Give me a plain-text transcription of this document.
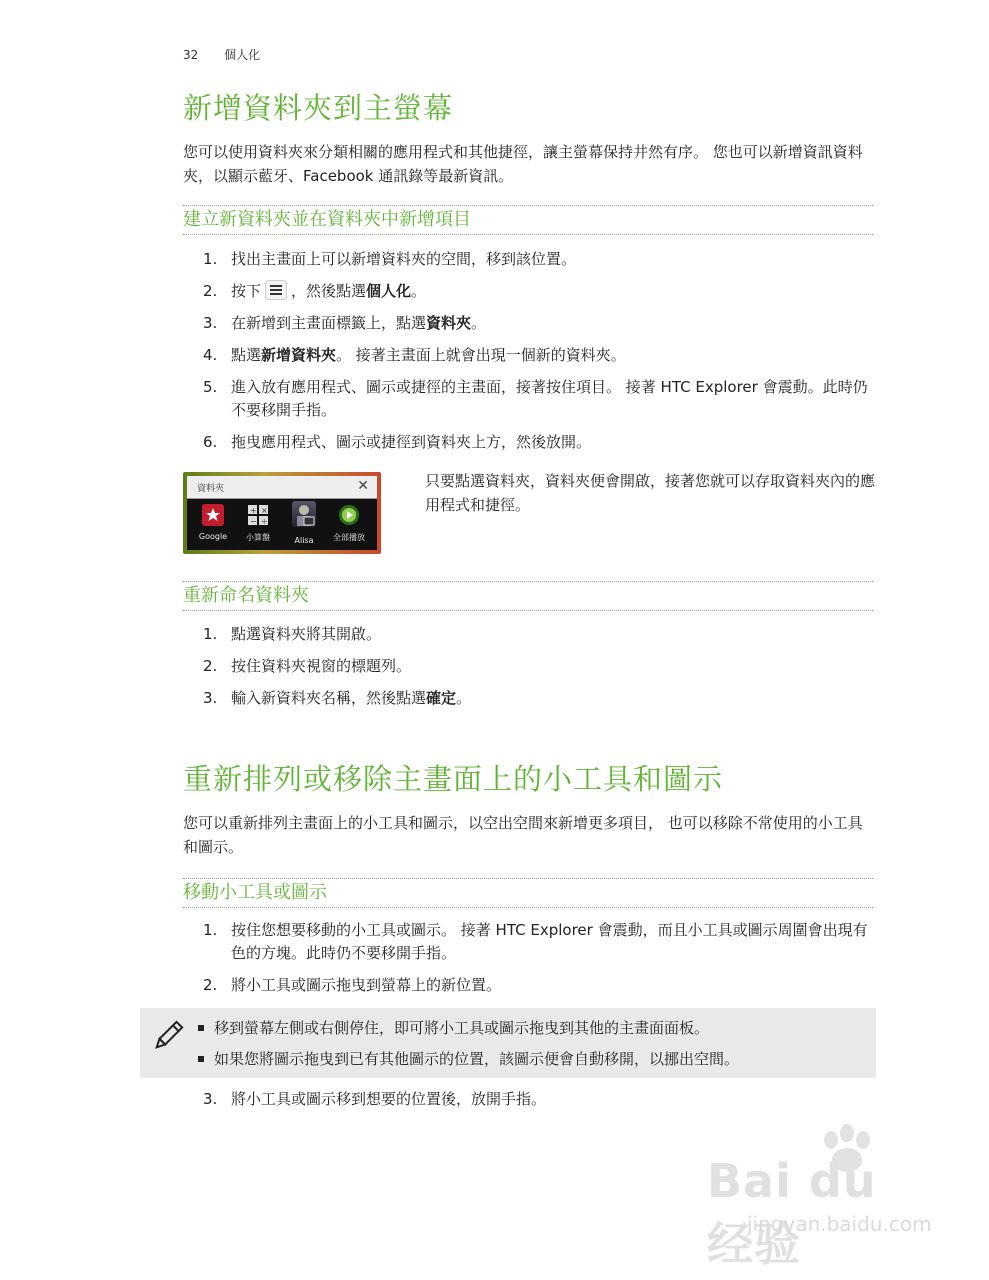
32 個人化
新增資料夾到主螢幕
您可以使用資料夾來分類相關的應用程式和其他捷徑，讓主螢幕保持井然有序。 您也可以新增資訊資料夾，以顯示藍牙、Facebook 通訊錄等最新資訊。
建立新資料夾並在資料夾中新增項目
1. 找出主畫面上可以新增資料夾的空間，移到該位置。
2. 按下 ，然後點選個人化。
3. 在新增到主畫面標籤上，點選資料夾。
4. 點選新增資料夾。 接著主畫面上就會出現一個新的資料夾。
5. 進入放有應用程式、圖示或捷徑的主畫面，接著按住項目。 接著 HTC Explorer 會震動。此時仍不要移開手指。
6. 拖曳應用程式、圖示或捷徑到資料夾上方，然後放開。
資料夾	✕
Google
+ ×
− ÷
小算盤	Alisa	全部播放
只要點選資料夾，資料夾便會開啟，接著您就可以存取資料夾內的應用程式和捷徑。
重新命名資料夾
1. 點選資料夾將其開啟。
2. 按住資料夾視窗的標題列。
3. 輸入新資料夾名稱，然後點選確定。
重新排列或移除主畫面上的小工具和圖示
您可以重新排列主畫面上的小工具和圖示，以空出空間來新增更多項目， 也可以移除不常使用的小工具和圖示。
移動小工具或圖示
1. 按住您想要移動的小工具或圖示。 接著 HTC Explorer 會震動，而且小工具或圖示周圍會出現有色的方塊。此時仍不要移開手指。
2. 將小工具或圖示拖曳到螢幕上的新位置。
移到螢幕左側或右側停住，即可將小工具或圖示拖曳到其他的主畫面面板。
如果您將圖示拖曳到已有其他圖示的位置，該圖示便會自動移開，以挪出空間。
3. 將小工具或圖示移到想要的位置後，放開手指。
Bai du 经验
jingyan.baidu.com
